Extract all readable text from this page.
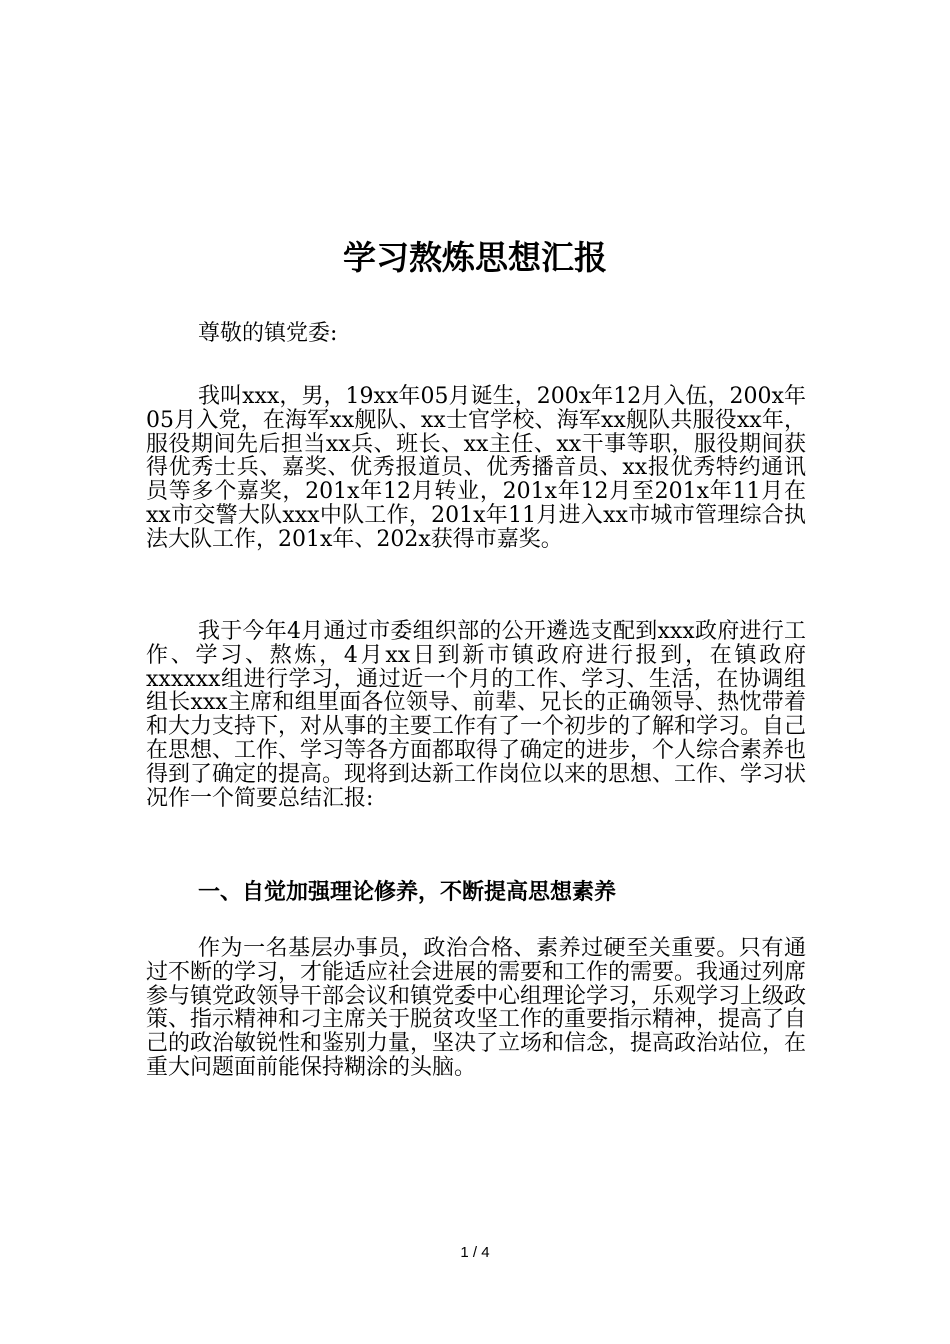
学习熬炼思想汇报

尊敬的镇党委:

我叫xxx，男，19xx年05月诞生，200x年12月入伍，200x年05月入党，在海军xx舰队、xx士官学校、海军xx舰队共服役xx年，服役期间先后担当xx兵、班长、xx主任、xx干事等职，服役期间获得优秀士兵、嘉奖、优秀报道员、优秀播音员、xx报优秀特约通讯员等多个嘉奖，201x年12月转业，201x年12月至201x年11月在xx市交警大队xxx中队工作，201x年11月进入xx市城市管理综合执法大队工作，201x年、202x获得市嘉奖。

我于今年4月通过市委组织部的公开遴选支配到xxx政府进行工作、学习、熬炼，4月xx日到新市镇政府进行报到，在镇政府xxxxxx组进行学习，通过近一个月的工作、学习、生活，在协调组组长xxx主席和组里面各位领导、前辈、兄长的正确领导、热忱带着和大力支持下，对从事的主要工作有了一个初步的了解和学习。自己在思想、工作、学习等各方面都取得了确定的进步，个人综合素养也得到了确定的提高。现将到达新工作岗位以来的思想、工作、学习状况作一个简要总结汇报:

一、自觉加强理论修养，不断提高思想素养

作为一名基层办事员，政治合格、素养过硬至关重要。只有通过不断的学习，才能适应社会进展的需要和工作的需要。我通过列席参与镇党政领导干部会议和镇党委中心组理论学习，乐观学习上级政策、指示精神和刁主席关于脱贫攻坚工作的重要指示精神，提高了自己的政治敏锐性和鉴别力量，坚决了立场和信念，提高政治站位，在重大问题面前能保持糊涂的头脑。

1 / 4
